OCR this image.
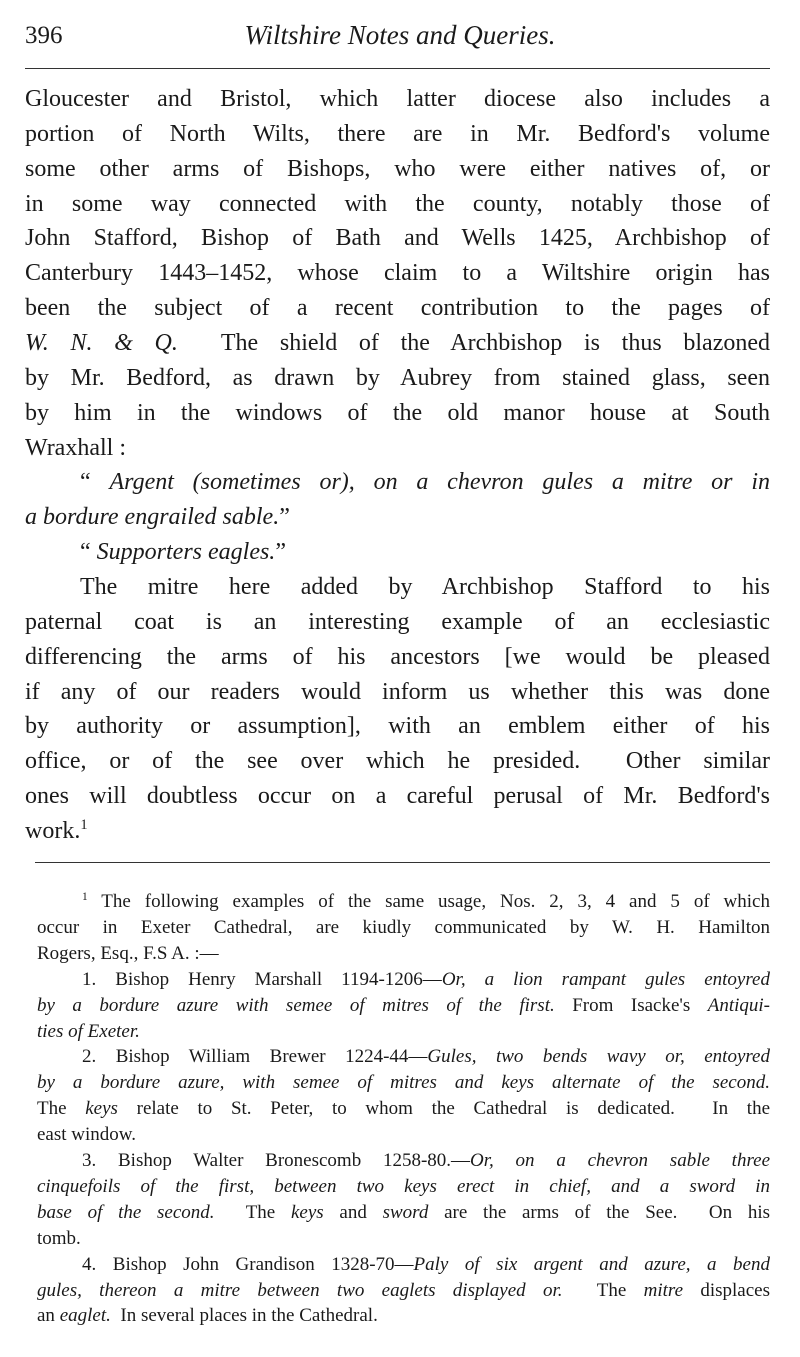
396	Wiltshire Notes and Queries.
Gloucester and Bristol, which latter diocese also includes a
portion of North Wilts, there are in Mr. Bedford's volume
some other arms of Bishops, who were either natives of, or
in some way connected with the county, notably those of
John Stafford, Bishop of Bath and Wells 1425, Archbishop of
Canterbury 1443–1452, whose claim to a Wiltshire origin has
been the subject of a recent contribution to the pages of
W. N. & Q.  The shield of the Archbishop is thus blazoned
by Mr. Bedford, as drawn by Aubrey from stained glass, seen
by him in the windows of the old manor house at South
Wraxhall :
“ Argent (sometimes or), on a chevron gules a mitre or in
a bordure engrailed sable.”
“ Supporters eagles.”
The mitre here added by Archbishop Stafford to his
paternal coat is an interesting example of an ecclesiastic
differencing the arms of his ancestors [we would be pleased
if any of our readers would inform us whether this was done
by authority or assumption], with an emblem either of his
office, or of the see over which he presided.  Other similar
ones will doubtless occur on a careful perusal of Mr. Bedford's
work.$^1$
$^1$ The following examples of the same usage, Nos. 2, 3, 4 and 5 of which
occur in Exeter Cathedral, are kiudly communicated by W. H. Hamilton
Rogers, Esq., F.S A. :—
1. Bishop Henry Marshall 1194-1206—Or, a lion rampant gules entoyred
by a bordure azure with semee of mitres of the first. From Isacke's Antiqui-
ties of Exeter.
2. Bishop William Brewer 1224-44—Gules, two bends wavy or, entoyred
by a bordure azure, with semee of mitres and keys alternate of the second.
The keys relate to St. Peter, to whom the Cathedral is dedicated.  In the
east window.
3. Bishop Walter Bronescomb 1258-80.—Or, on a chevron sable three
cinquefoils of the first, between two keys erect in chief, and a sword in
base of the second.  The keys and sword are the arms of the See.  On his
tomb.
4. Bishop John Grandison 1328-70—Paly of six argent and azure, a bend
gules, thereon a mitre between two eaglets displayed or.  The mitre displaces
an eaglet.  In several places in the Cathedral.
